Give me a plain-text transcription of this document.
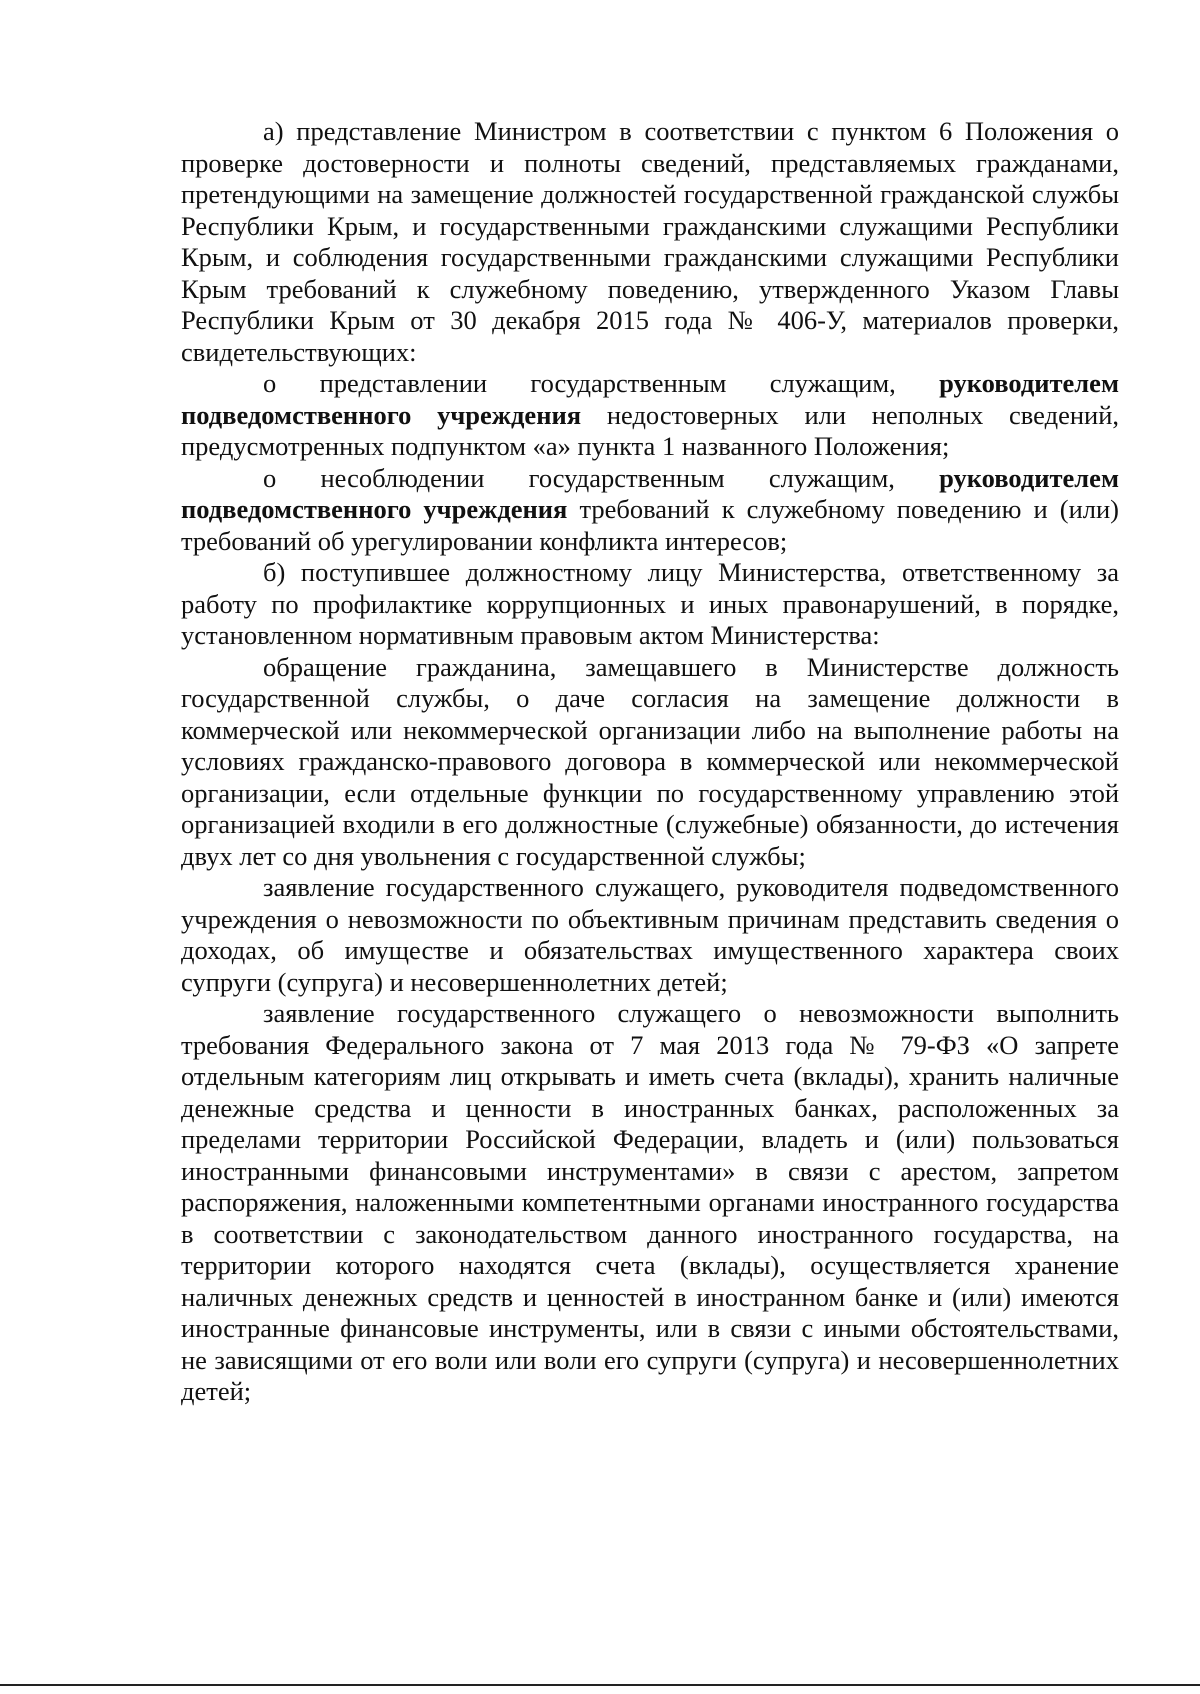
а) представление Министром в соответствии с пунктом 6 Положения о проверке достоверности и полноты сведений, представляемых гражданами, претендующими на замещение должностей государственной гражданской службы Республики Крым, и государственными гражданскими служащими Республики Крым, и соблюдения государственными гражданскими служащими Республики Крым требований к служебному поведению, утвержденного Указом Главы Республики Крым от 30 декабря 2015 года № 406-У, материалов проверки, свидетельствующих:

о представлении государственным служащим, руководителем подведомственного учреждения недостоверных или неполных сведений, предусмотренных подпунктом «а» пункта 1 названного Положения;

о несоблюдении государственным служащим, руководителем подведомственного учреждения требований к служебному поведению и (или) требований об урегулировании конфликта интересов;

б) поступившее должностному лицу Министерства, ответственному за работу по профилактике коррупционных и иных правонарушений, в порядке, установленном нормативным правовым актом Министерства:

обращение гражданина, замещавшего в Министерстве должность государственной службы, о даче согласия на замещение должности в коммерческой или некоммерческой организации либо на выполнение работы на условиях гражданско-правового договора в коммерческой или некоммерческой организации, если отдельные функции по государственному управлению этой организацией входили в его должностные (служебные) обязанности, до истечения двух лет со дня увольнения с государственной службы;

заявление государственного служащего, руководителя подведомственного учреждения о невозможности по объективным причинам представить сведения о доходах, об имуществе и обязательствах имущественного характера своих супруги (супруга) и несовершеннолетних детей;

заявление государственного служащего о невозможности выполнить требования Федерального закона от 7 мая 2013 года № 79-ФЗ «О запрете отдельным категориям лиц открывать и иметь счета (вклады), хранить наличные денежные средства и ценности в иностранных банках, расположенных за пределами территории Российской Федерации, владеть и (или) пользоваться иностранными финансовыми инструментами» в связи с арестом, запретом распоряжения, наложенными компетентными органами иностранного государства в соответствии с законодательством данного иностранного государства, на территории которого находятся счета (вклады), осуществляется хранение наличных денежных средств и ценностей в иностранном банке и (или) имеются иностранные финансовые инструменты, или в связи с иными обстоятельствами, не зависящими от его воли или воли его супруги (супруга) и несовершеннолетних детей;
